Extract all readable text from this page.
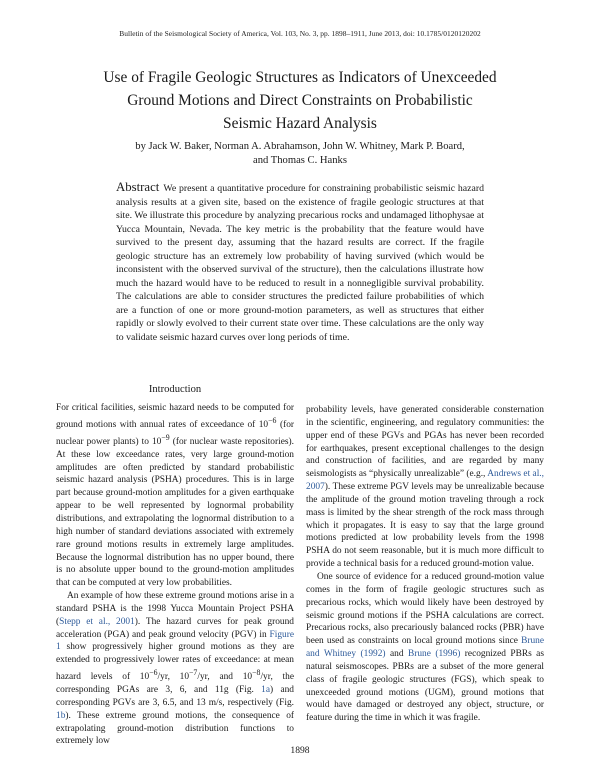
Bulletin of the Seismological Society of America, Vol. 103, No. 3, pp. 1898–1911, June 2013, doi: 10.1785/0120120202
Use of Fragile Geologic Structures as Indicators of Unexceeded
Ground Motions and Direct Constraints on Probabilistic
Seismic Hazard Analysis
by Jack W. Baker, Norman A. Abrahamson, John W. Whitney, Mark P. Board,
and Thomas C. Hanks
Abstract We present a quantitative procedure for constraining probabilistic seismic hazard analysis results at a given site, based on the existence of fragile geologic structures at that site. We illustrate this procedure by analyzing precarious rocks and undamaged lithophysae at Yucca Mountain, Nevada. The key metric is the probability that the feature would have survived to the present day, assuming that the hazard results are correct. If the fragile geologic structure has an extremely low probability of having survived (which would be inconsistent with the observed survival of the structure), then the calculations illustrate how much the hazard would have to be reduced to result in a nonnegligible survival probability. The calculations are able to consider structures the predicted failure probabilities of which are a function of one or more ground-motion parameters, as well as structures that either rapidly or slowly evolved to their current state over time. These calculations are the only way to validate seismic hazard curves over long periods of time.
Introduction

For critical facilities, seismic hazard needs to be computed for ground motions with annual rates of exceedance of $10^{-6}$ (for nuclear power plants) to $10^{-9}$ (for nuclear waste repositories). At these low exceedance rates, very large ground-motion amplitudes are often predicted by standard probabilistic seismic hazard analysis (PSHA) procedures. This is in large part because ground-motion amplitudes for a given earthquake appear to be well represented by lognormal probability distributions, and extrapolating the lognormal distribution to a high number of standard deviations associated with extremely rare ground motions results in extremely large amplitudes. Because the lognormal distribution has no upper bound, there is no absolute upper bound to the ground-motion amplitudes that can be computed at very low probabilities.

An example of how these extreme ground motions arise in a standard PSHA is the 1998 Yucca Mountain Project PSHA (Stepp et al., 2001). The hazard curves for peak ground acceleration (PGA) and peak ground velocity (PGV) in Figure 1 show progressively higher ground motions as they are extended to progressively lower rates of exceedance: at mean hazard levels of $10^{-6}/yr$, $10^{-7}/yr$, and $10^{-8}/yr$, the corresponding PGAs are 3, 6, and 11g (Fig. 1a) and corresponding PGVs are 3, 6.5, and 13 m/s, respectively (Fig. 1b). These extreme ground motions, the consequence of extrapolating ground-motion distribution functions to extremely low

probability levels, have generated considerable consternation in the scientific, engineering, and regulatory communities: the upper end of these PGVs and PGAs has never been recorded for earthquakes, present exceptional challenges to the design and construction of facilities, and are regarded by many seismologists as “physically unrealizable” (e.g., Andrews et al., 2007). These extreme PGV levels may be unrealizable because the amplitude of the ground motion traveling through a rock mass is limited by the shear strength of the rock mass through which it propagates. It is easy to say that the large ground motions predicted at low probability levels from the 1998 PSHA do not seem reasonable, but it is much more difficult to provide a technical basis for a reduced ground-motion value.

One source of evidence for a reduced ground-motion value comes in the form of fragile geologic structures such as precarious rocks, which would likely have been destroyed by seismic ground motions if the PSHA calculations are correct. Precarious rocks, also precariously balanced rocks (PBR) have been used as constraints on local ground motions since Brune and Whitney (1992) and Brune (1996) recognized PBRs as natural seismoscopes. PBRs are a subset of the more general class of fragile geologic structures (FGS), which speak to unexceeded ground motions (UGM), ground motions that would have damaged or destroyed any object, structure, or feature during the time in which it was fragile.

1898
